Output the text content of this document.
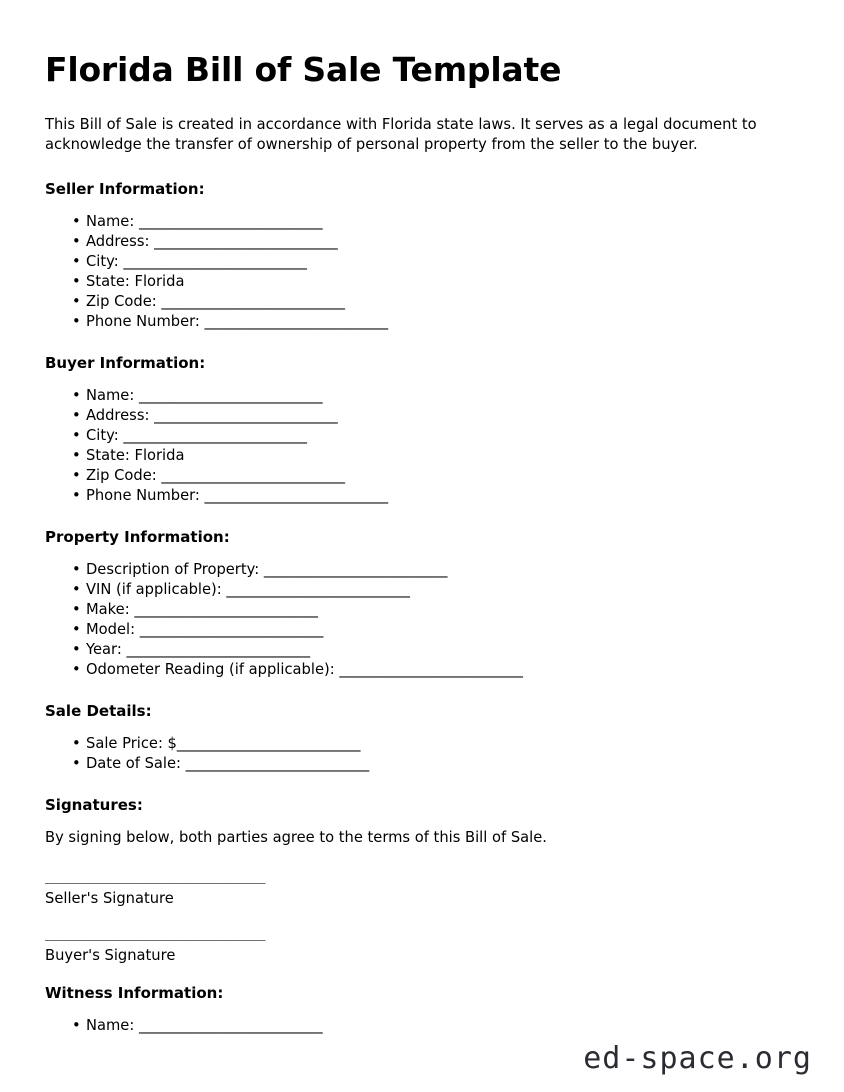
Florida Bill of Sale Template

This Bill of Sale is created in accordance with Florida state laws. It serves as a legal document to acknowledge the transfer of ownership of personal property from the seller to the buyer.

Seller Information:
• Name: _________________________
• Address: _________________________
• City: _________________________
• State: Florida
• Zip Code: _________________________
• Phone Number: _________________________
Buyer Information:
• Name: _________________________
• Address: _________________________
• City: _________________________
• State: Florida
• Zip Code: _________________________
• Phone Number: _________________________
Property Information:
• Description of Property: _________________________
• VIN (if applicable): _________________________
• Make: _________________________
• Model: _________________________
• Year: _________________________
• Odometer Reading (if applicable): _________________________
Sale Details:
• Sale Price: $_________________________
• Date of Sale: _________________________
Signatures:

By signing below, both parties agree to the terms of this Bill of Sale.

______________________________
Seller's Signature
______________________________
Buyer's Signature
Witness Information:
• Name: _________________________
ed-space.org
